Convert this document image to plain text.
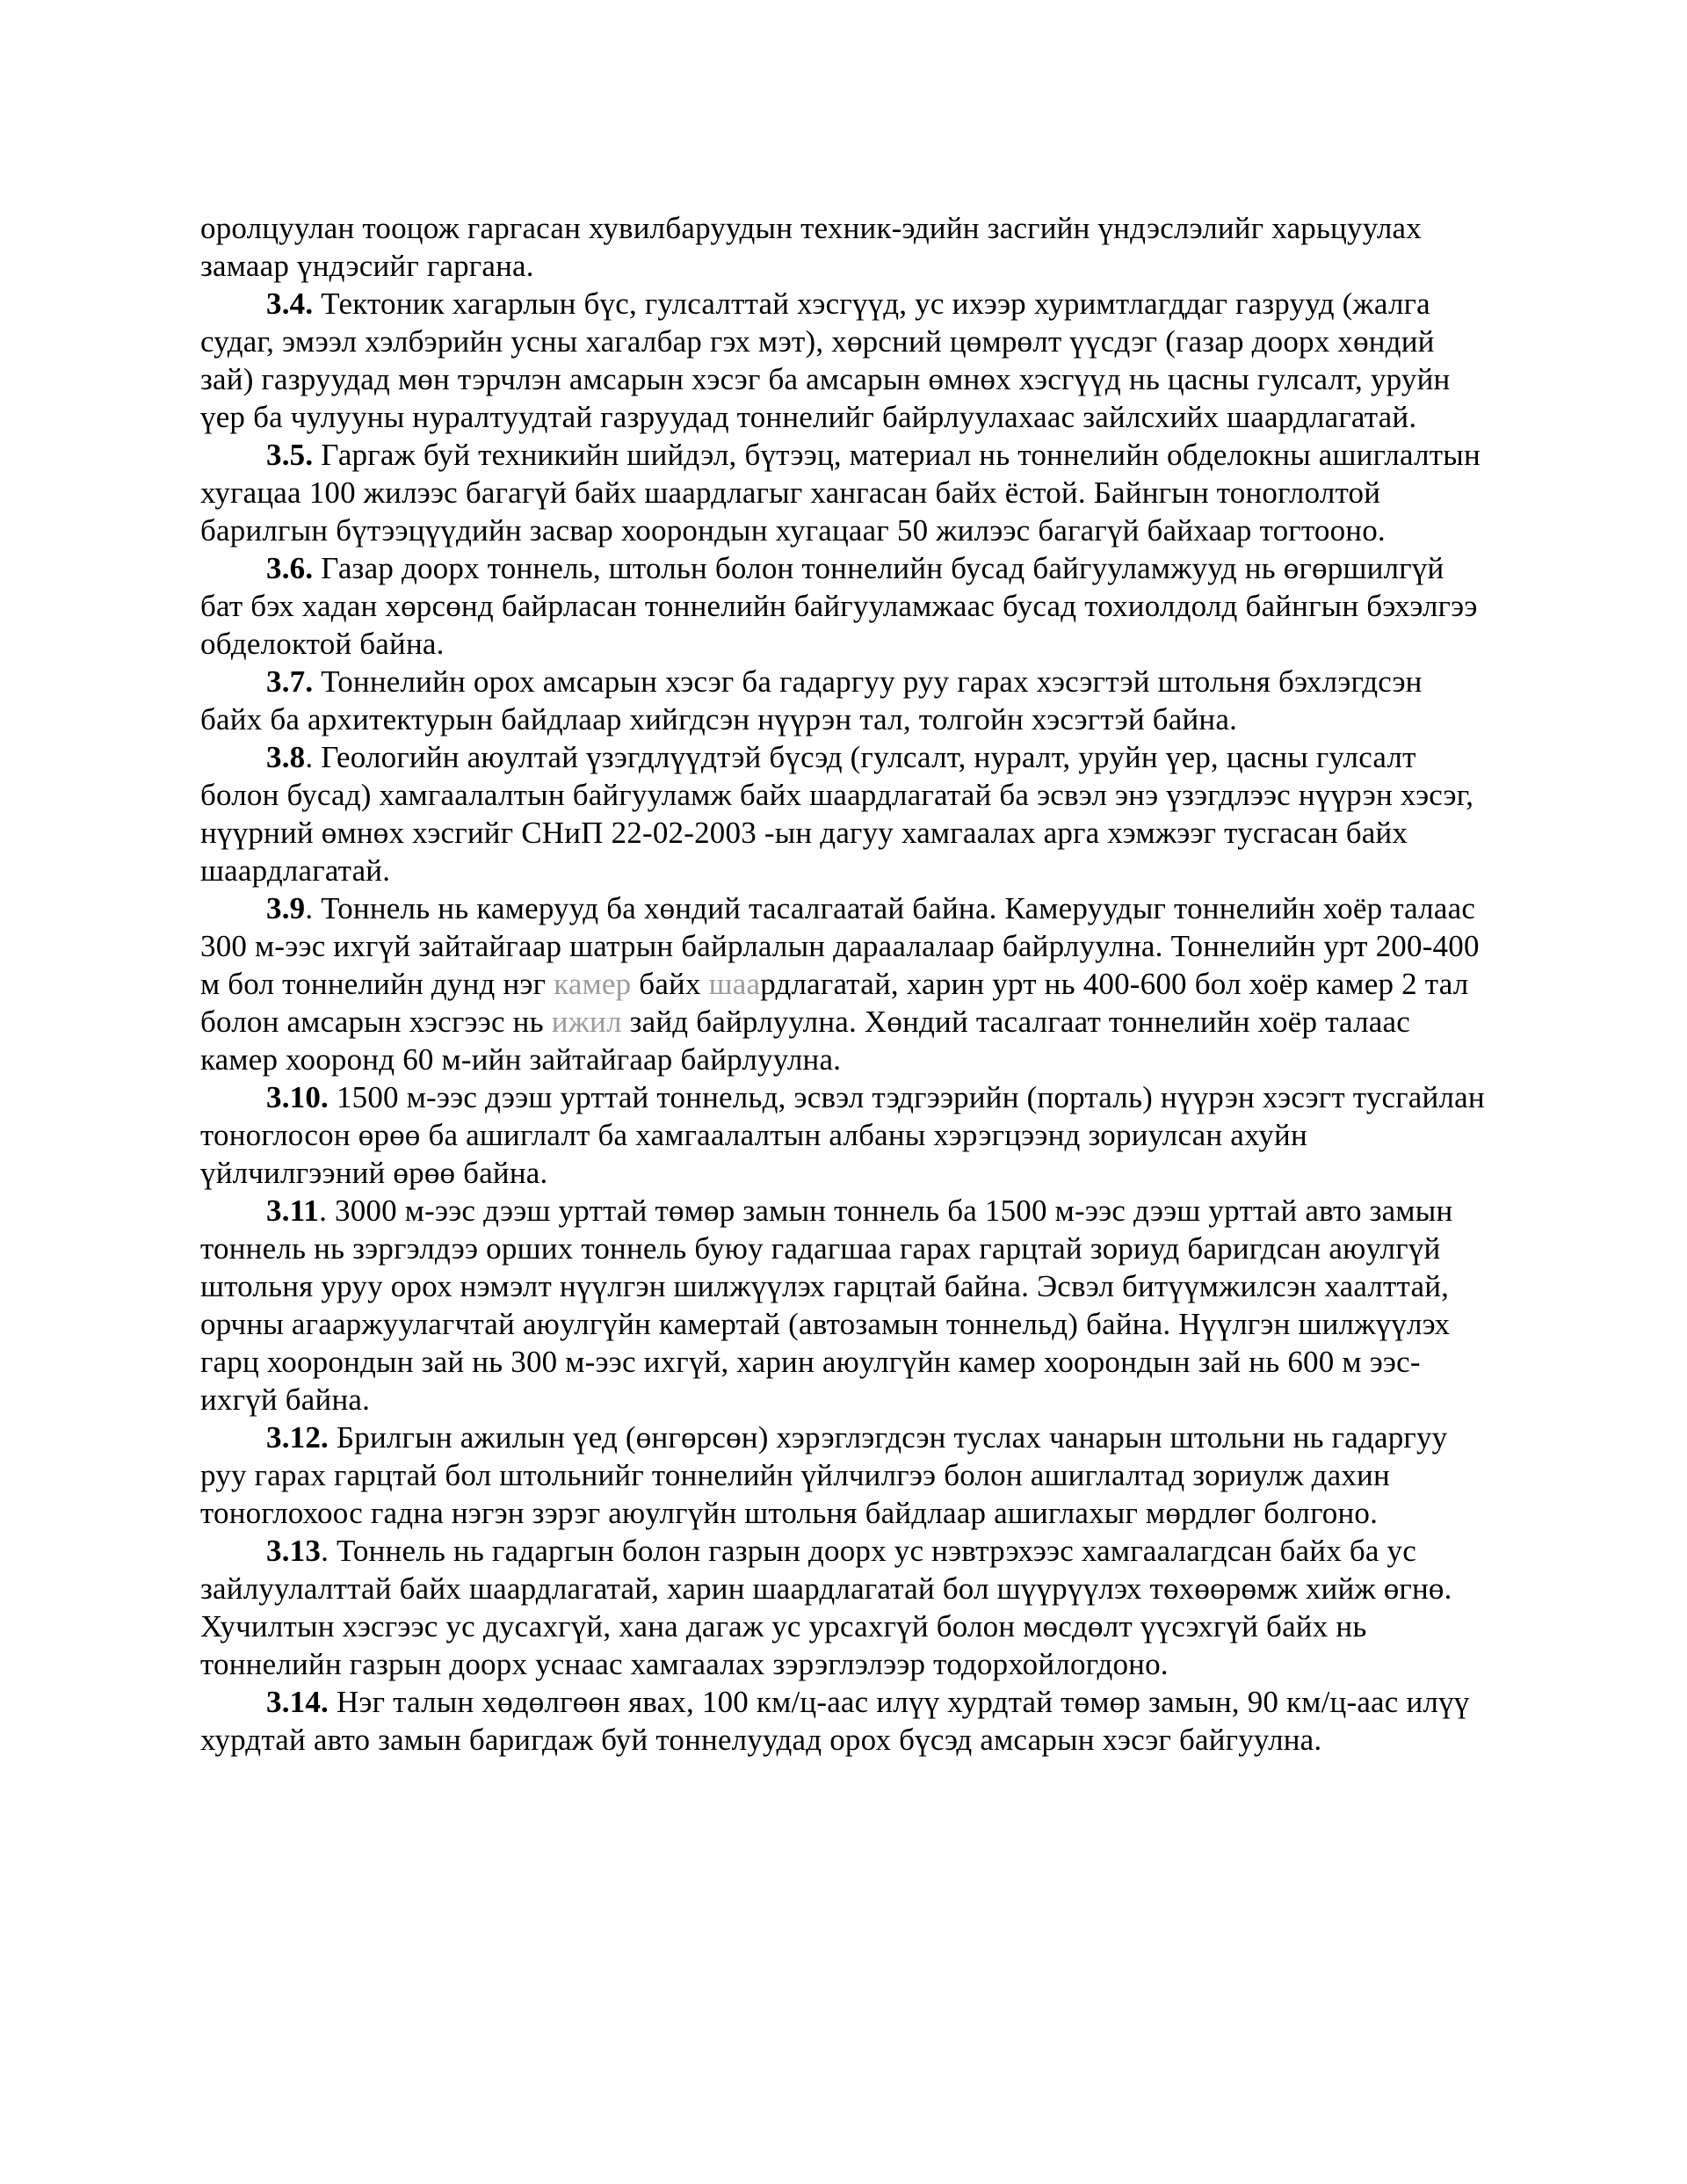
оролцуулан тооцож гаргасан хувилбаруудын техник-эдийн засгийн үндэслэлийг харьцуулах замаар үндэсийг гаргана.

3.4. Тектоник хагарлын бүс, гулсалттай хэсгүүд, ус ихээр хуримтлагддаг газрууд (жалга судаг, эмээл хэлбэрийн усны хагалбар гэх мэт), хөрсний цөмрөлт үүсдэг (газар доорх хөндий зай) газруудад мөн тэрчлэн амсарын хэсэг ба амсарын өмнөх хэсгүүд нь цасны гулсалт, уруйн үер ба чулууны нуралтуудтай газруудад тоннелийг байрлуулахаас зайлсхийх шаардлагатай.

3.5. Гаргаж буй техникийн шийдэл, бүтээц, материал нь тоннелийн обделокны ашиглалтын хугацаа 100 жилээс багагүй байх шаардлагыг хангасан байх ёстой. Байнгын тоноглолтой барилгын бүтээцүүдийн засвар хоорондын хугацааг 50 жилээс багагүй байхаар тогтооно.

3.6. Газар доорх тоннель, штольн болон тоннелийн бусад байгууламжууд нь өгөршилгүй бат бэх хадан хөрсөнд байрласан тоннелийн байгууламжаас бусад тохиолдолд байнгын бэхэлгээ обделоктой байна.

3.7. Тоннелийн орох амсарын хэсэг ба гадаргуу руу гарах хэсэгтэй штольня бэхлэгдсэн байх ба архитектурын байдлаар хийгдсэн нүүрэн тал, толгойн хэсэгтэй байна.

3.8. Геологийн аюултай үзэгдлүүдтэй бүсэд (гулсалт, нуралт, уруйн үер, цасны гулсалт болон бусад) хамгаалалтын байгууламж байх шаардлагатай ба эсвэл энэ үзэгдлээс нүүрэн хэсэг, нүүрний өмнөх хэсгийг СНиП 22-02-2003 -ын дагуу хамгаалах арга хэмжээг тусгасан байх шаардлагатай.

3.9. Тоннель нь камерууд ба хөндий тасалгаатай байна. Камеруудыг тоннелийн хоёр талаас 300 м-ээс ихгүй зайтайгаар шатрын байрлалын дараалалаар байрлуулна. Тоннелийн урт 200-400 м бол тоннелийн дунд нэг камер байх шаардлагатай, харин урт нь 400-600 бол хоёр камер 2 тал болон амсарын хэсгээс нь ижил зайд байрлуулна. Хөндий тасалгаат тоннелийн хоёр талаас камер хооронд 60 м-ийн зайтайгаар байрлуулна.

3.10. 1500 м-ээс дээш урттай тоннельд, эсвэл тэдгээрийн (порталь) нүүрэн хэсэгт тусгайлан тоноглосон өрөө ба ашиглалт ба хамгаалалтын албаны хэрэгцээнд зориулсан ахуйн үйлчилгээний өрөө байна.

3.11. 3000 м-ээс дээш урттай төмөр замын тоннель ба 1500 м-ээс дээш урттай авто замын тоннель нь зэргэлдээ орших тоннель буюу гадагшаа гарах гарцтай зориуд баригдсан аюулгүй штольня уруу орох нэмэлт нүүлгэн шилжүүлэх гарцтай байна. Эсвэл битүүмжилсэн хаалттай, орчны агааржуулагчтай аюулгүйн камертай (автозамын тоннельд) байна. Нүүлгэн шилжүүлэх гарц хоорондын зай нь 300 м-ээс ихгүй, харин аюулгүйн камер хоорондын зай нь 600 м ээс-ихгүй байна.

3.12. Брилгын ажилын үед (өнгөрсөн) хэрэглэгдсэн туслах чанарын штольни нь гадаргуу руу гарах гарцтай бол штольнийг тоннелийн үйлчилгээ болон ашиглалтад зориулж дахин тоноглохоос гадна нэгэн зэрэг аюулгүйн штольня байдлаар ашиглахыг мөрдлөг болгоно.

3.13. Тоннель нь гадаргын болон газрын доорх ус нэвтрэхээс хамгаалагдсан байх ба ус зайлуулалттай байх шаардлагатай, харин шаардлагатай бол шүүрүүлэх төхөөрөмж хийж өгнө. Хучилтын хэсгээс ус дусахгүй, хана дагаж ус урсахгүй болон мөсдөлт үүсэхгүй байх нь тоннелийн газрын доорх уснаас хамгаалах зэрэглэлээр тодорхойлогдоно.

3.14. Нэг талын хөдөлгөөн явах, 100 км/ц-аас илүү хурдтай төмөр замын, 90 км/ц-аас илүү хурдтай авто замын баригдаж буй тоннелуудад орох бүсэд амсарын хэсэг байгуулна.
